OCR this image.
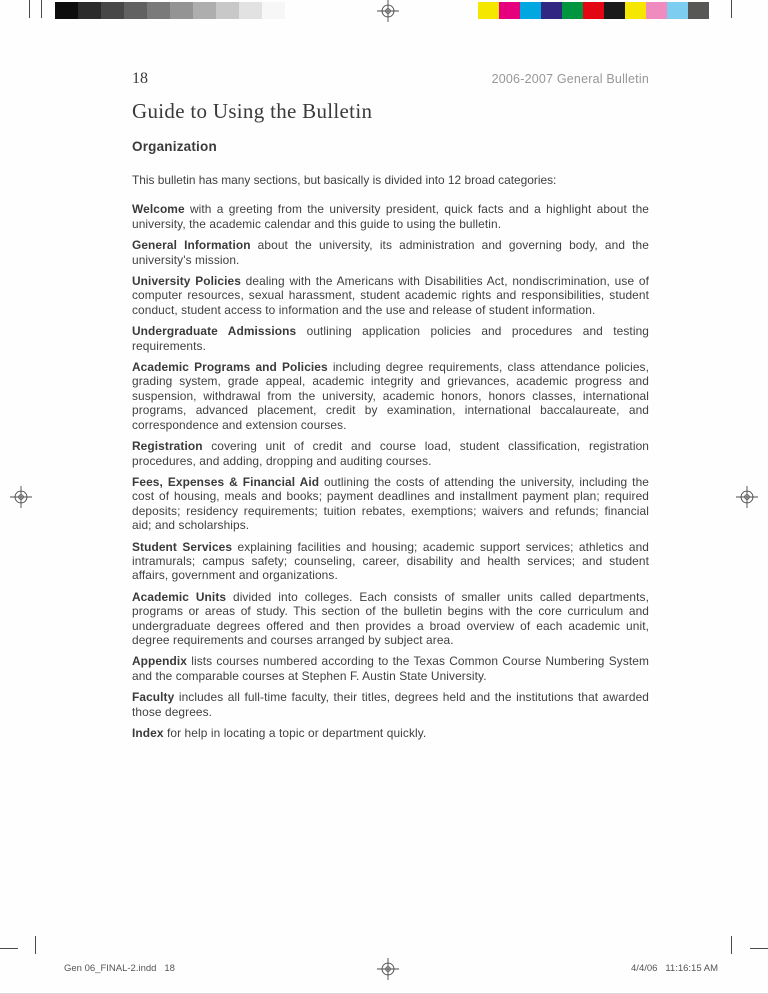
18	2006-2007 General Bulletin
Guide to Using the Bulletin
Organization

This bulletin has many sections, but basically is divided into 12 broad categories:

Welcome with a greeting from the university president, quick facts and a highlight about the university, the academic calendar and this guide to using the bulletin.

General Information about the university, its administration and governing body, and the university's mission.

University Policies dealing with the Americans with Disabilities Act, nondiscrimination, use of computer resources, sexual harassment, student academic rights and responsibilities, student conduct, student access to information and the use and release of student information.

Undergraduate Admissions outlining application policies and procedures and testing requirements.

Academic Programs and Policies including degree requirements, class attendance policies, grading system, grade appeal, academic integrity and grievances, academic progress and suspension, withdrawal from the university, academic honors, honors classes, international programs, advanced placement, credit by examination, international baccalaureate, and correspondence and extension courses.

Registration covering unit of credit and course load, student classification, registration procedures, and adding, dropping and auditing courses.

Fees, Expenses & Financial Aid outlining the costs of attending the university, including the cost of housing, meals and books; payment deadlines and installment payment plan; required deposits; residency requirements; tuition rebates, exemptions; waivers and refunds; financial aid; and scholarships.

Student Services explaining facilities and housing; academic support services; athletics and intramurals; campus safety; counseling, career, disability and health services; and student affairs, government and organizations.

Academic Units divided into colleges. Each consists of smaller units called departments, programs or areas of study. This section of the bulletin begins with the core curriculum and undergraduate degrees offered and then provides a broad overview of each academic unit, degree requirements and courses arranged by subject area.

Appendix lists courses numbered according to the Texas Common Course Numbering System and the comparable courses at Stephen F. Austin State University.

Faculty includes all full-time faculty, their titles, degrees held and the institutions that awarded those degrees.

Index for help in locating a topic or department quickly.

Gen 06_FINAL-2.indd   18	4/4/06   11:16:15 AM
